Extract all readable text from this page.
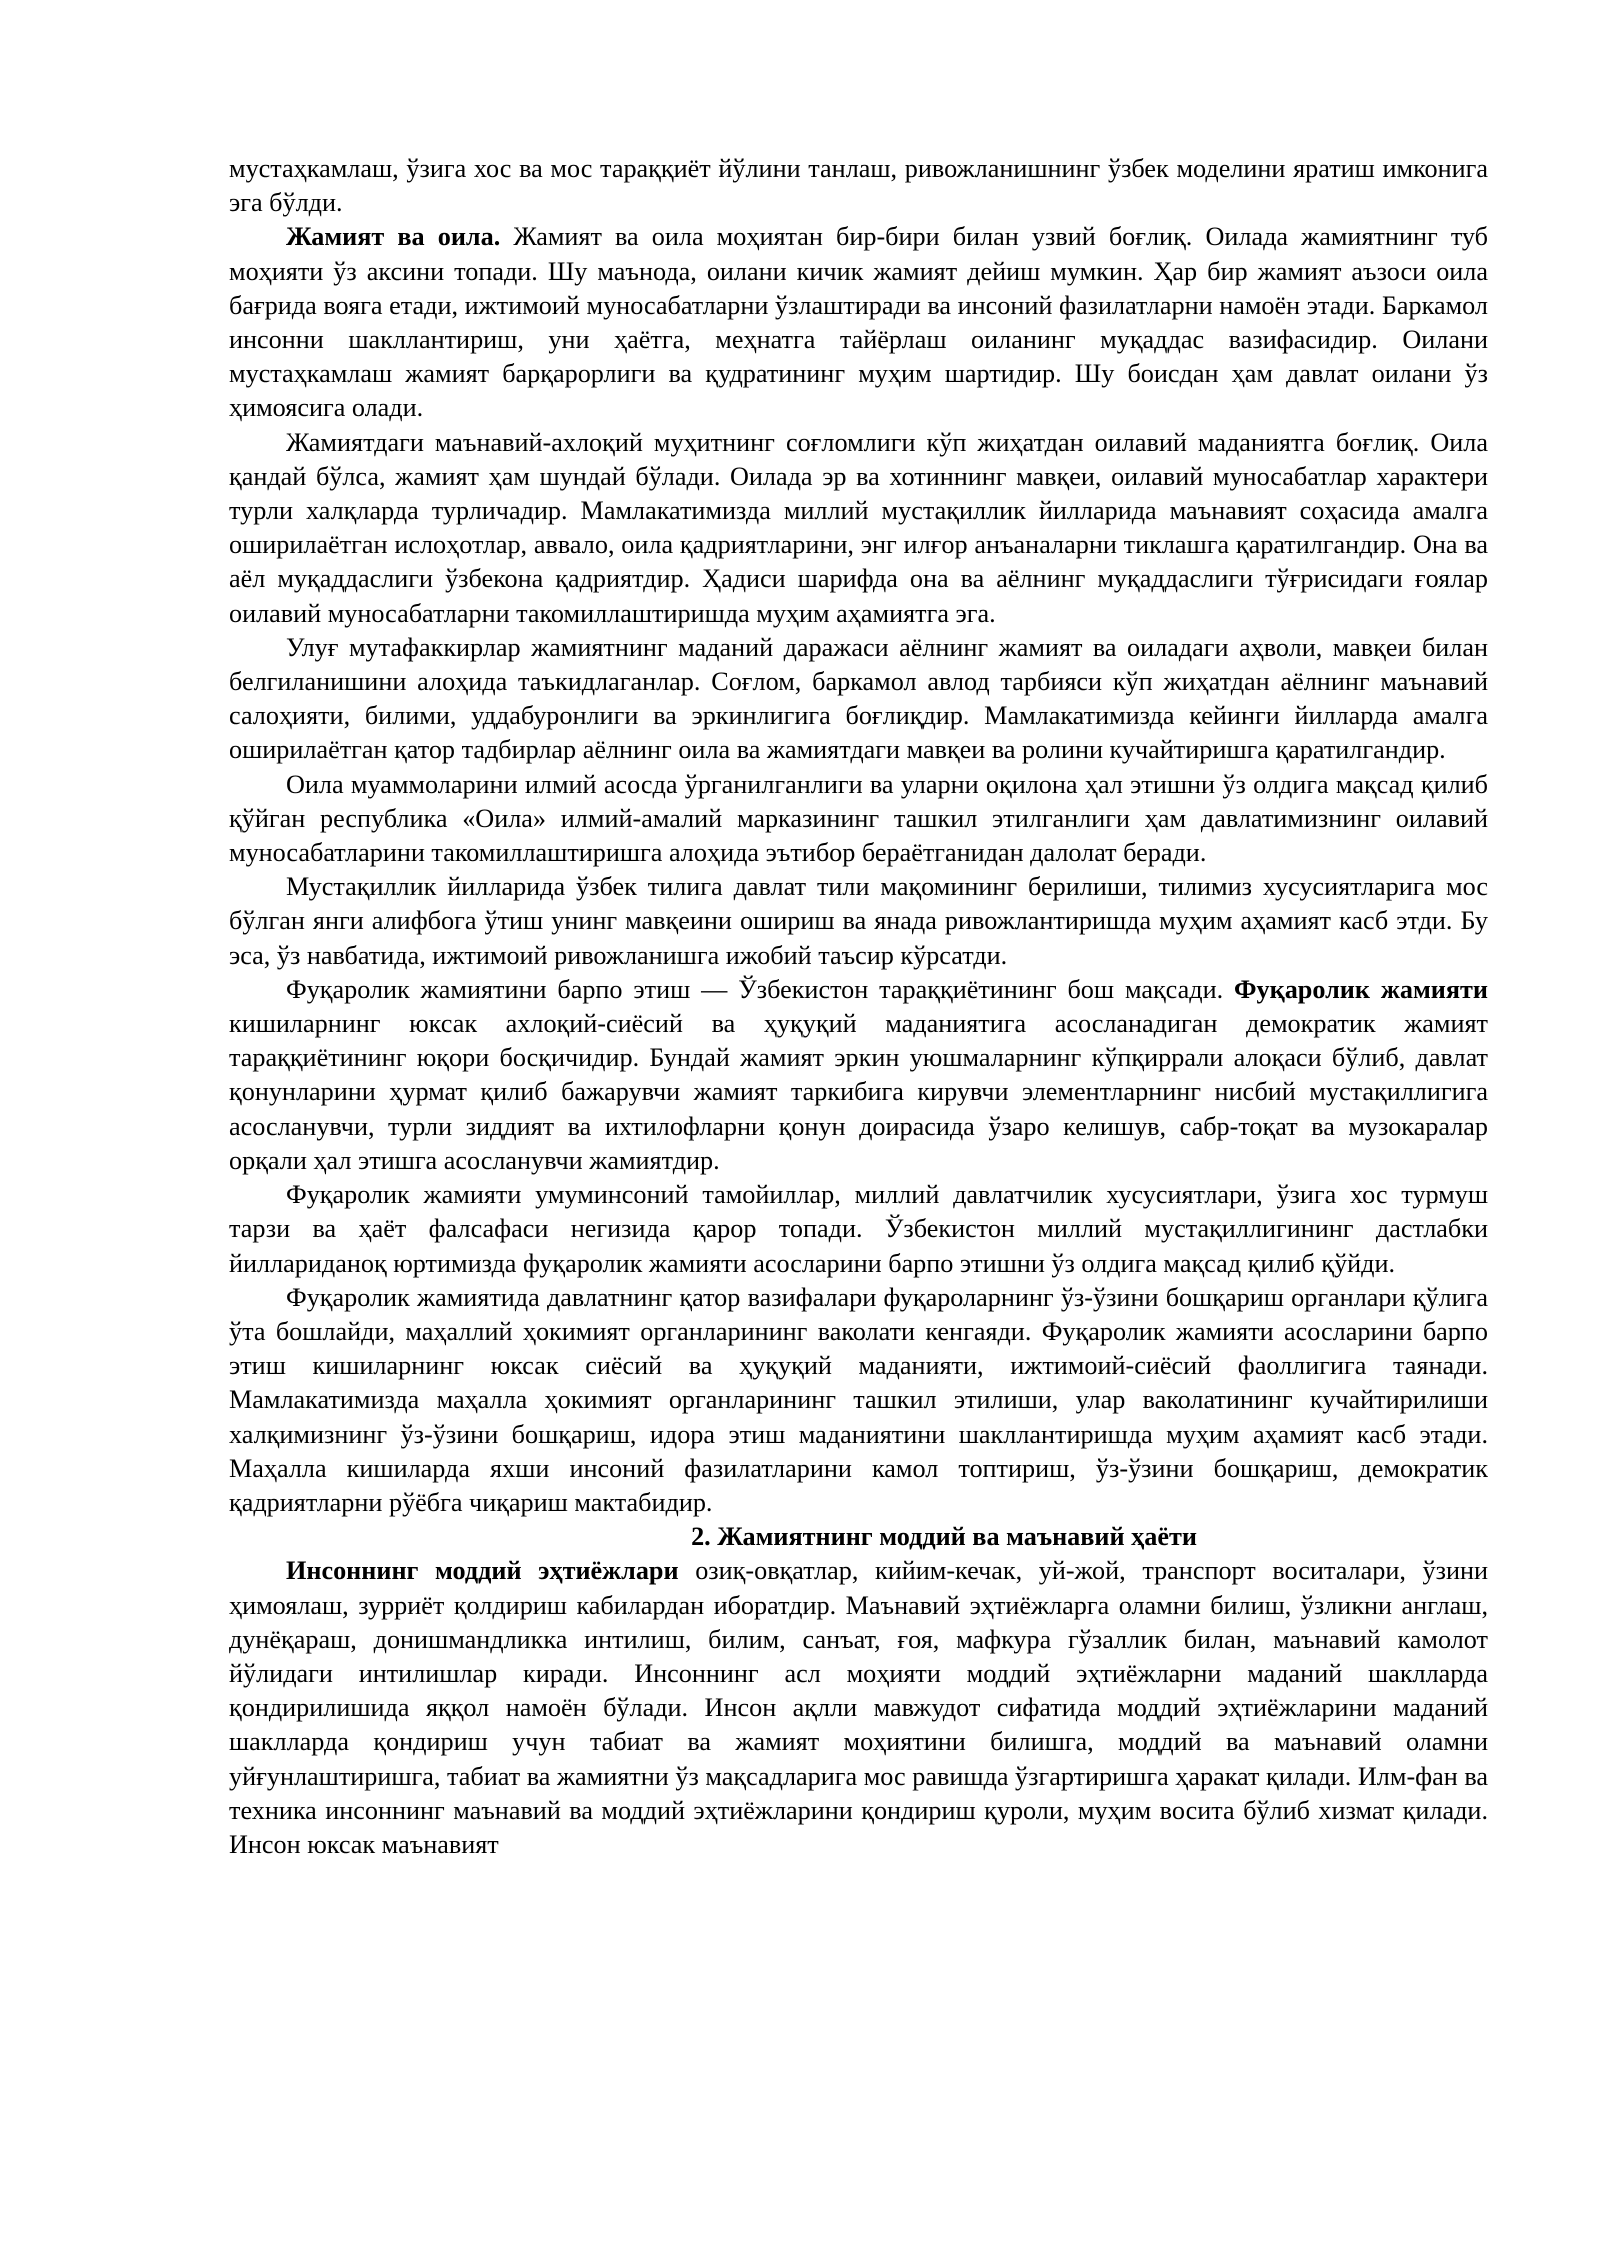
мустаҳкамлаш, ўзига хос ва мос тараққиёт йўлини танлаш, ривожланишнинг ўзбек моделини яратиш имконига эга бўлди.

Жамият ва оила. Жамият ва оила моҳиятан бир-бири билан узвий боғлиқ. Оилада жамиятнинг туб моҳияти ўз аксини топади. Шу маънода, оилани кичик жамият дейиш мумкин. Ҳар бир жамият аъзоси оила бағрида вояга етади, ижтимоий муносабатларни ўзлаштиради ва инсоний фазилатларни намоён этади. Баркамол инсонни шакллантириш, уни ҳаётга, меҳнатга тайёрлаш оиланинг муқаддас вазифасидир. Оилани мустаҳкамлаш жамият барқарорлиги ва қудратининг муҳим шартидир. Шу боисдан ҳам давлат оилани ўз ҳимоясига олади.

Жамиятдаги маънавий-ахлоқий муҳитнинг соғломлиги кўп жиҳатдан оилавий маданиятга боғлиқ. Оила қандай бўлса, жамият ҳам шундай бўлади. Оилада эр ва хотиннинг мавқеи, оилавий муносабатлар характери турли халқларда турличадир. Мамлакатимизда миллий мустақиллик йилларида маънавият соҳасида амалга оширилаётган ислоҳотлар, аввало, оила қадриятларини, энг илғор анъаналарни тиклашга қаратилгандир. Она ва аёл муқаддаслиги ўзбекона қадриятдир. Ҳадиси шарифда она ва аёлнинг муқаддаслиги тўғрисидаги ғоялар оилавий муносабатларни такомиллаштиришда муҳим аҳамиятга эга.

Улуғ мутафаккирлар жамиятнинг маданий даражаси аёлнинг жамият ва оиладаги аҳволи, мавқеи билан белгиланишини алоҳида таъкидлаганлар. Соғлом, баркамол авлод тарбияси кўп жиҳатдан аёлнинг маънавий салоҳияти, билими, уддабуронлиги ва эркинлигига боғлиқдир. Мамлакатимизда кейинги йилларда амалга оширилаётган қатор тадбирлар аёлнинг оила ва жамиятдаги мавқеи ва ролини кучайтиришга қаратилгандир.

Оила муаммоларини илмий асосда ўрганилганлиги ва уларни оқилона ҳал этишни ўз олдига мақсад қилиб қўйган республика «Оила» илмий-амалий марказининг ташкил этилганлиги ҳам давлатимизнинг оилавий муносабатларини такомиллаштиришга алоҳида эътибор бераётганидан далолат беради.

Мустақиллик йилларида ўзбек тилига давлат тили мақомининг берилиши, тилимиз хусусиятларига мос бўлган янги алифбога ўтиш унинг мавқеини ошириш ва янада ривожлантиришда муҳим аҳамият касб этди. Бу эса, ўз навбатида, ижтимоий ривожланишга ижобий таъсир кўрсатди.

Фуқаролик жамиятини барпо этиш — Ўзбекистон тараққиётининг бош мақсади. Фуқаролик жамияти кишиларнинг юксак ахлоқий-сиёсий ва ҳуқуқий маданиятига асосланадиган демократик жамият тараққиётининг юқори босқичидир. Бундай жамият эркин уюшмаларнинг кўпқиррали алоқаси бўлиб, давлат қонунларини ҳурмат қилиб бажарувчи жамият таркибига кирувчи элементларнинг нисбий мустақиллигига асосланувчи, турли зиддият ва ихтилофларни қонун доирасида ўзаро келишув, сабр-тоқат ва музокаралар орқали ҳал этишга асосланувчи жамиятдир.

Фуқаролик жамияти умуминсоний тамойиллар, миллий давлатчилик хусусиятлари, ўзига хос турмуш тарзи ва ҳаёт фалсафаси негизида қарор топади. Ўзбекистон миллий мустақиллигининг дастлабки йиллариданоқ юртимизда фуқаролик жамияти асосларини барпо этишни ўз олдига мақсад қилиб қўйди.

Фуқаролик жамиятида давлатнинг қатор вазифалари фуқароларнинг ўз-ўзини бошқариш органлари қўлига ўта бошлайди, маҳаллий ҳокимият органларининг ваколати кенгаяди. Фуқаролик жамияти асосларини барпо этиш кишиларнинг юксак сиёсий ва ҳуқуқий маданияти, ижтимоий-сиёсий фаоллигига таянади. Мамлакатимизда маҳалла ҳокимият органларининг ташкил этилиши, улар ваколатининг кучайтирилиши халқимизнинг ўз-ўзини бошқариш, идора этиш маданиятини шакллантиришда муҳим аҳамият касб этади. Маҳалла кишиларда яхши инсоний фазилатларини камол топтириш, ўз-ўзини бошқариш, демократик қадриятларни рўёбга чиқариш мактабидир.

2. Жамиятнинг моддий ва маънавий ҳаёти

Инсоннинг моддий эҳтиёжлари озиқ-овқатлар, кийим-кечак, уй-жой, транспорт воситалари, ўзини ҳимоялаш, зурриёт қолдириш кабилардан иборатдир. Маънавий эҳтиёжларга оламни билиш, ўзликни англаш, дунёқараш, донишмандликка интилиш, билим, санъат, ғоя, мафкура гўзаллик билан, маънавий камолот йўлидаги интилишлар киради. Инсоннинг асл моҳияти моддий эҳтиёжларни маданий шаклларда қондирилишида яққол намоён бўлади. Инсон ақлли мавжудот сифатида моддий эҳтиёжларини маданий шаклларда қондириш учун табиат ва жамият моҳиятини билишга, моддий ва маънавий оламни уйғунлаштиришга, табиат ва жамиятни ўз мақсадларига мос равишда ўзгартиришга ҳаракат қилади. Илм-фан ва техника инсоннинг маънавий ва моддий эҳтиёжларини қондириш қуроли, муҳим восита бўлиб хизмат қилади. Инсон юксак маънавият
